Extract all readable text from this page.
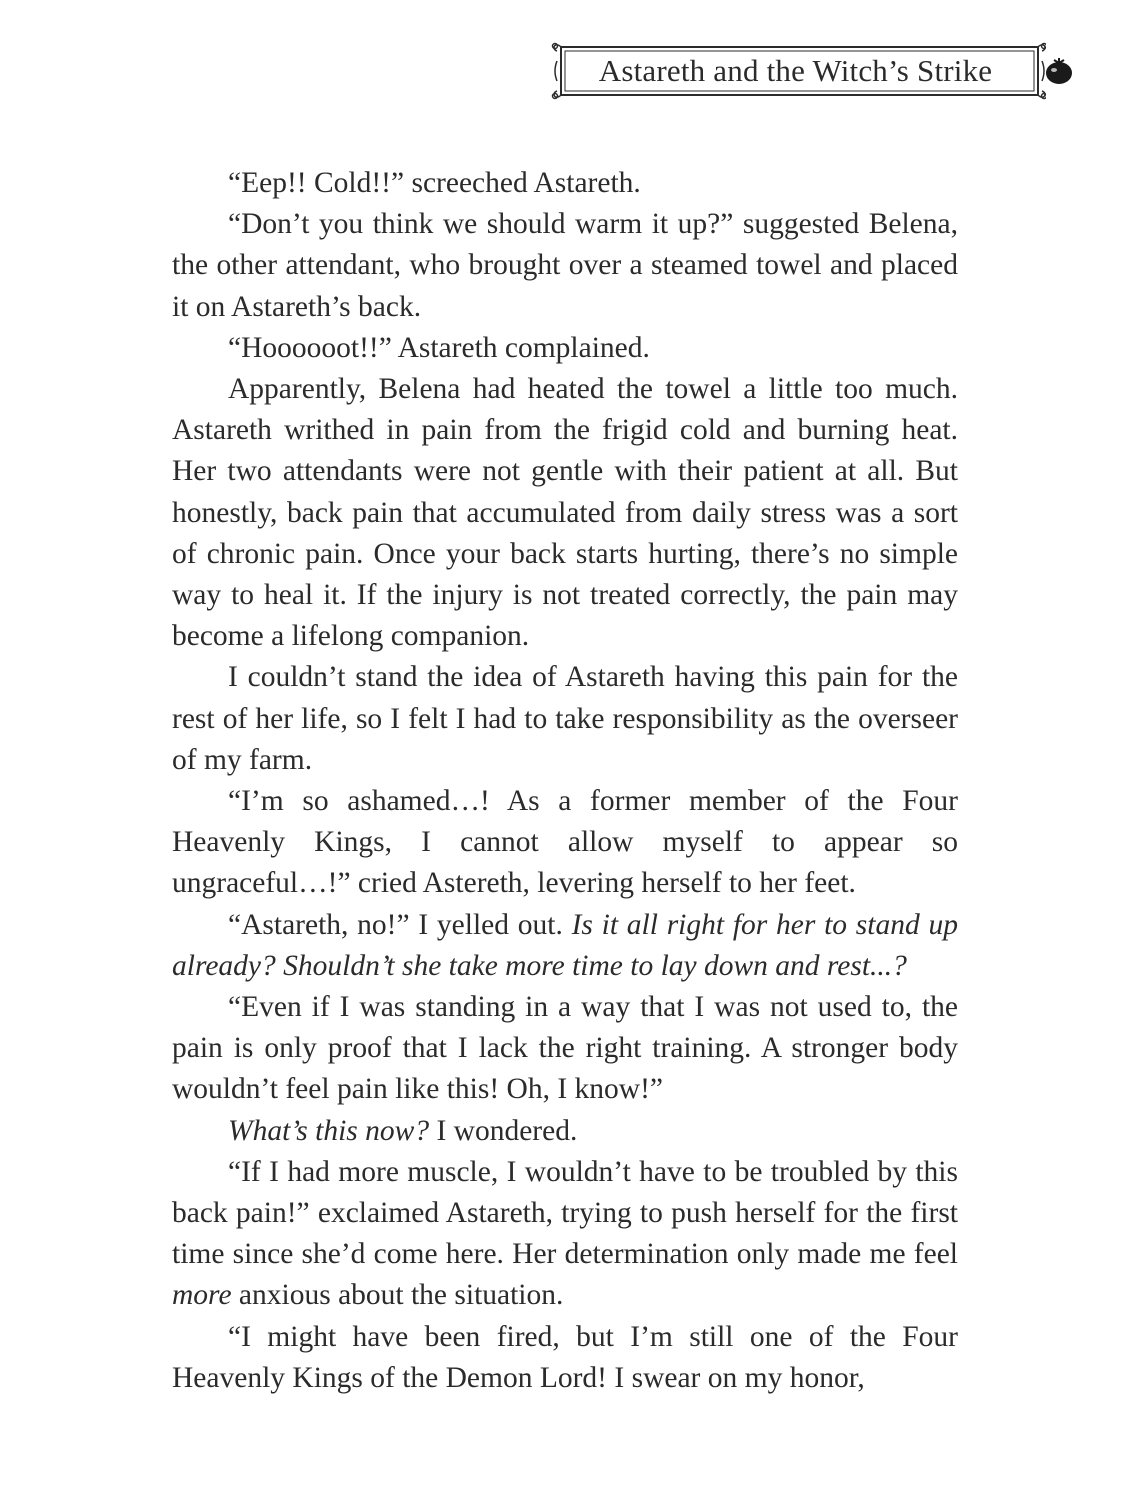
Astareth and the Witch’s Strike

“Eep!! Cold!!” screeched Astareth.

“Don’t you think we should warm it up?” suggested Belena, the other attendant, who brought over a steamed towel and placed it on Astareth’s back.

“Hoooooot!!” Astareth complained.

Apparently, Belena had heated the towel a little too much. Astareth writhed in pain from the frigid cold and burning heat. Her two attendants were not gentle with their patient at all. But honestly, back pain that accumulated from daily stress was a sort of chronic pain. Once your back starts hurting, there’s no simple way to heal it. If the injury is not treated correctly, the pain may become a lifelong companion.

I couldn’t stand the idea of Astareth having this pain for the rest of her life, so I felt I had to take responsibility as the overseer of my farm.

“I’m so ashamed…! As a former member of the Four Heavenly Kings, I cannot allow myself to appear so ungraceful…!” cried Astereth, levering herself to her feet.

“Astareth, no!” I yelled out. Is it all right for her to stand up already? Shouldn’t she take more time to lay down and rest...?

“Even if I was standing in a way that I was not used to, the pain is only proof that I lack the right training. A stronger body wouldn’t feel pain like this! Oh, I know!”

What’s this now? I wondered.

“If I had more muscle, I wouldn’t have to be troubled by this back pain!” exclaimed Astareth, trying to push herself for the first time since she’d come here. Her determination only made me feel more anxious about the situation.

“I might have been fired, but I’m still one of the Four Heavenly Kings of the Demon Lord! I swear on my honor,
